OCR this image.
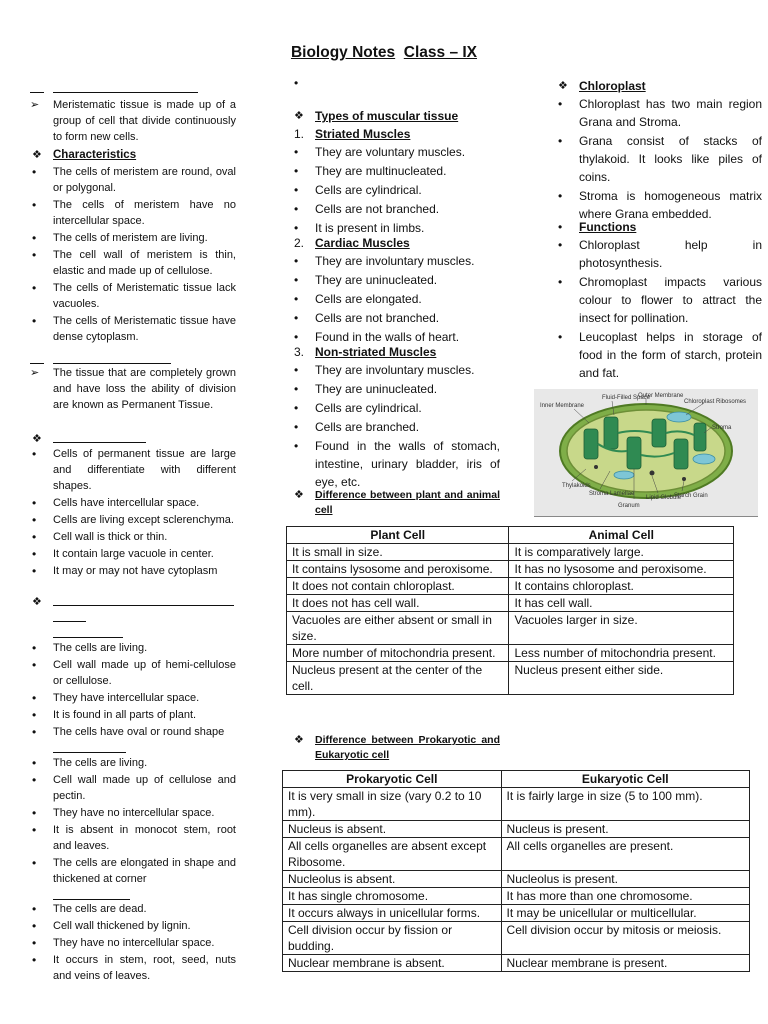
Biology Notes Class – IX
➢ Meristematic tissue is made up of a group of cell that divide continuously to form new cells.
❖ Characteristics
• The cells of meristem are round, oval or polygonal.
• The cells of meristem have no intercellular space.
• The cells of meristem are living.
• The cell wall of meristem is thin, elastic and made up of cellulose.
• The cells of Meristematic tissue lack vacuoles.
• The cells of Meristematic tissue have dense cytoplasm.
➢ The tissue that are completely grown and have loss the ability of division are known as Permanent Tissue.
❖
• Cells of permanent tissue are large and differentiate with different shapes.
• Cells have intercellular space.
• Cells are living except sclerenchyma.
• Cell wall is thick or thin.
• It contain large vacuole in center.
• It may or may not have cytoplasm
❖
• The cells are living.
• Cell wall made up of hemi-cellulose or cellulose.
• They have intercellular space.
• It is found in all parts of plant.
• The cells have oval or round shape
• The cells are living.
• Cell wall made up of cellulose and pectin.
• They have no intercellular space.
• It is absent in monocot stem, root and leaves.
• The cells are elongated in shape and thickened at corner
• The cells are dead.
• Cell wall thickened by lignin.
• They have no intercellular space.
• It occurs in stem, root, seed, nuts and veins of leaves.
•
❖ Types of muscular tissue
1. Striated Muscles
• They are voluntary muscles.
• They are multinucleated.
• Cells are cylindrical.
• Cells are not branched.
• It is present in limbs.
2. Cardiac Muscles
• They are involuntary muscles.
• They are uninucleated.
• Cells are elongated.
• Cells are not branched.
• Found in the walls of heart.
3. Non-striated Muscles
• They are involuntary muscles.
• They are uninucleated.
• Cells are cylindrical.
• Cells are branched.
• Found in the walls of stomach, intestine, urinary bladder, iris of eye, etc.
❖ Difference between plant and animal cell
❖ Difference between Prokaryotic and Eukaryotic cell
❖ Chloroplast
• Chloroplast has two main region Grana and Stroma.
• Grana consist of stacks of thylakoid. It looks like piles of coins.
• Stroma is homogeneous matrix where Grana embedded.
• Functions
• Chloroplast help in photosynthesis.
• Chromoplast impacts various colour to flower to attract the insect for pollination.
• Leucoplast helps in storage of food in the form of starch, protein and fat.
Inner Membrane
Fluid-Filled Space
Outer Membrane
Chloroplast Ribosomes
Stroma
Thylakoids
Stroma Lamellae
Granum
Lipid Globule
Starch Grain
Plant Cell	Animal Cell
It is small in size.	It is comparatively large.
It contains lysosome and peroxisome.	It has no lysosome and peroxisome.
It does not contain chloroplast.	It contains chloroplast.
It does not has cell wall.	It has cell wall.
Vacuoles are either absent or small in size.	Vacuoles larger in size.
More number of mitochondria present.	Less number of mitochondria present.
Nucleus present at the center of the cell.	Nucleus present either side.
Prokaryotic Cell	Eukaryotic Cell
It is very small in size (vary 0.2 to 10 mm).	It is fairly large in size (5 to 100 mm).
Nucleus is absent.	Nucleus is present.
All cells organelles are absent except Ribosome.	All cells organelles are present.
Nucleolus is absent.	Nucleolus is present.
It has single chromosome.	It has more than one chromosome.
It occurs always in unicellular forms.	It may be unicellular or multicellular.
Cell division occur by fission or budding.	Cell division occur by mitosis or meiosis.
Nuclear membrane is absent.	Nuclear membrane is present.
